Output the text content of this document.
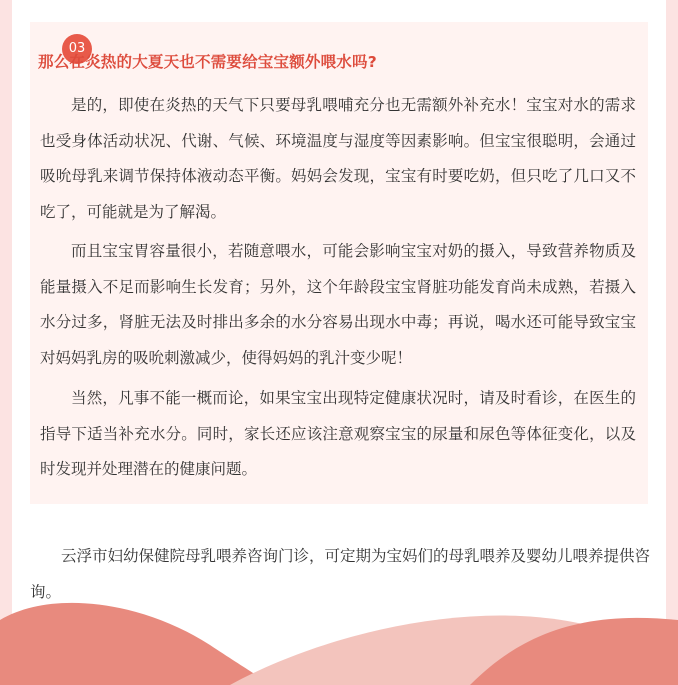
03
那么在炎热的大夏天也不需要给宝宝额外喂水吗?

是的，即使在炎热的天气下只要母乳喂哺充分也无需额外补充水！宝宝对水的需求也受身体活动状况、代谢、气候、环境温度与湿度等因素影响。但宝宝很聪明，会通过吸吮母乳来调节保持体液动态平衡。妈妈会发现，宝宝有时要吃奶，但只吃了几口又不吃了，可能就是为了解渴。

而且宝宝胃容量很小，若随意喂水，可能会影响宝宝对奶的摄入，导致营养物质及能量摄入不足而影响生长发育；另外，这个年龄段宝宝肾脏功能发育尚未成熟，若摄入水分过多，肾脏无法及时排出多余的水分容易出现水中毒；再说，喝水还可能导致宝宝对妈妈乳房的吸吮刺激减少，使得妈妈的乳汁变少呢！

当然，凡事不能一概而论，如果宝宝出现特定健康状况时，请及时看诊，在医生的指导下适当补充水分。同时，家长还应该注意观察宝宝的尿量和尿色等体征变化，以及时发现并处理潜在的健康问题。

云浮市妇幼保健院母乳喂养咨询门诊，可定期为宝妈们的母乳喂养及婴幼儿喂养提供咨询。
